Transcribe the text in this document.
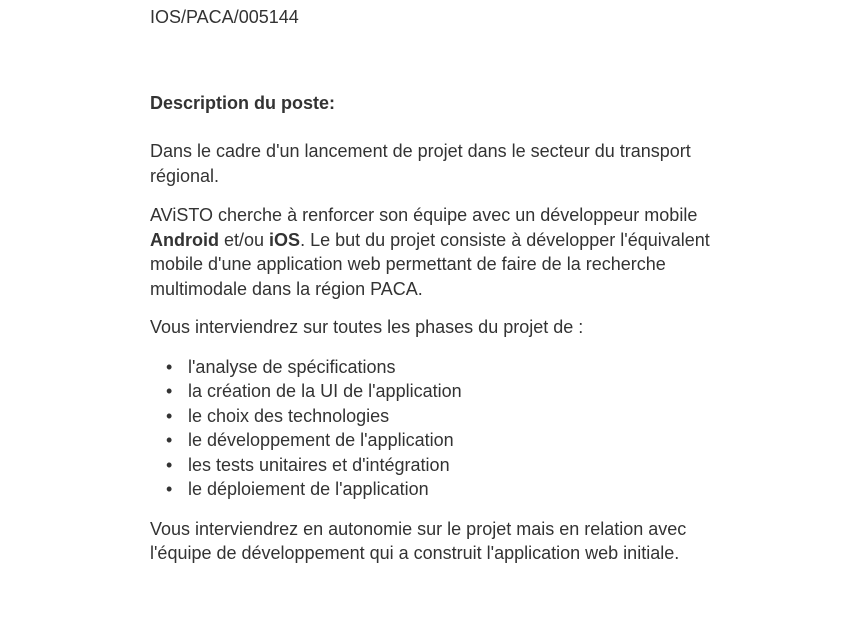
IOS/PACA/005144
Description du poste:

Dans le cadre d'un lancement de projet dans le secteur du transport régional.

AViSTO cherche à renforcer son équipe avec un développeur mobile Android et/ou iOS. Le but du projet consiste à développer l'équivalent mobile d'une application web permettant de faire de la recherche multimodale dans la région PACA.

Vous interviendrez sur toutes les phases du projet de :

• l'analyse de spécifications
• la création de la UI de l'application
• le choix des technologies
• le développement de l'application
• les tests unitaires et d'intégration
• le déploiement de l'application

Vous interviendrez en autonomie sur le projet mais en relation avec l'équipe de développement qui a construit l'application web initiale.
